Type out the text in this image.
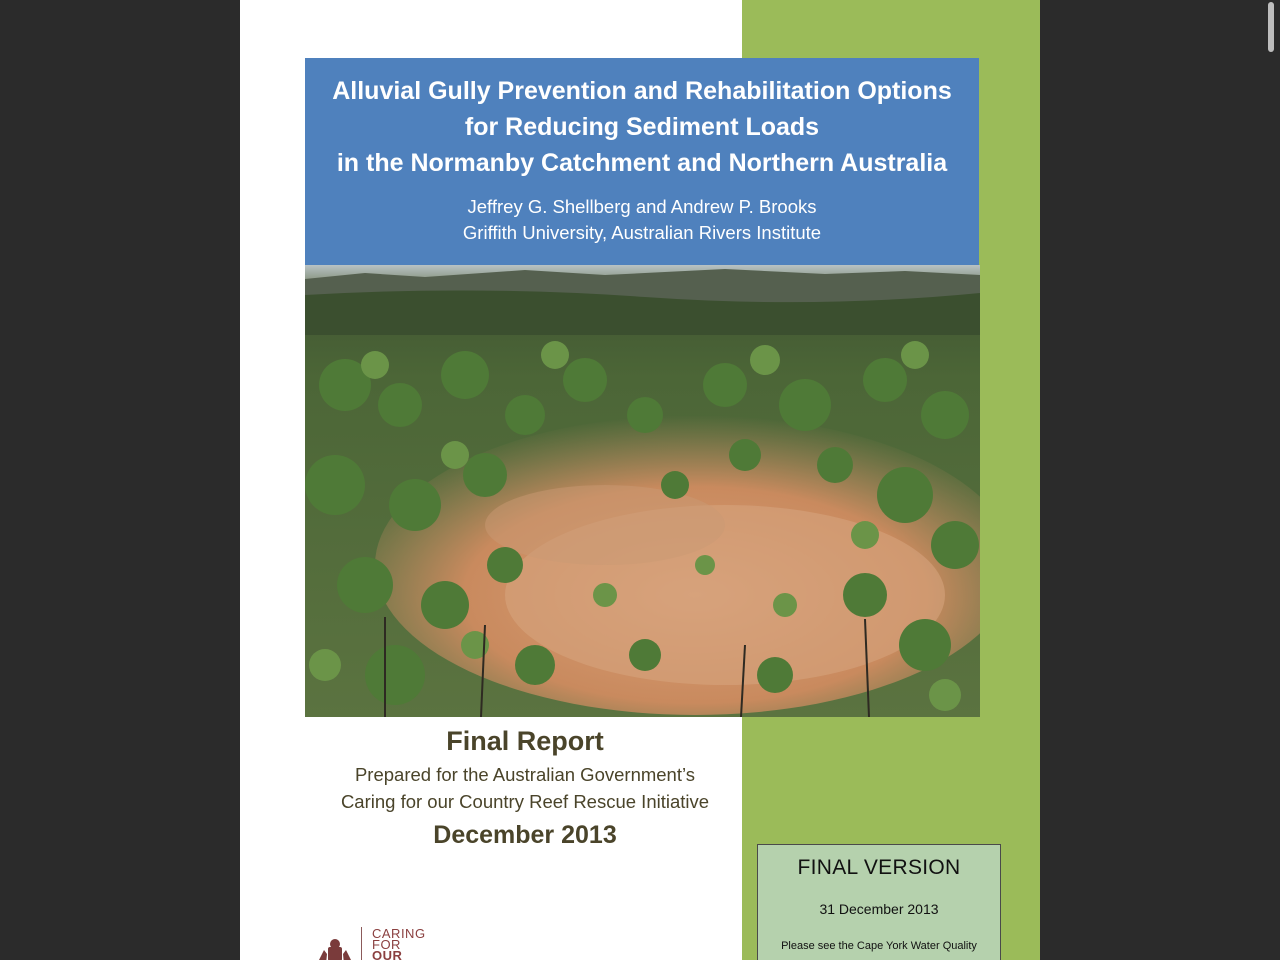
Alluvial Gully Prevention and Rehabilitation Options
for Reducing Sediment Loads
in the Normanby Catchment and Northern Australia
Jeffrey G. Shellberg and Andrew P. Brooks
Griffith University, Australian Rivers Institute
Final Report
Prepared for the Australian Government’s
Caring for our Country Reef Rescue Initiative
December 2013
FINAL VERSION
31 December 2013
Please see the Cape York Water Quality
CARING
FOR
OUR
